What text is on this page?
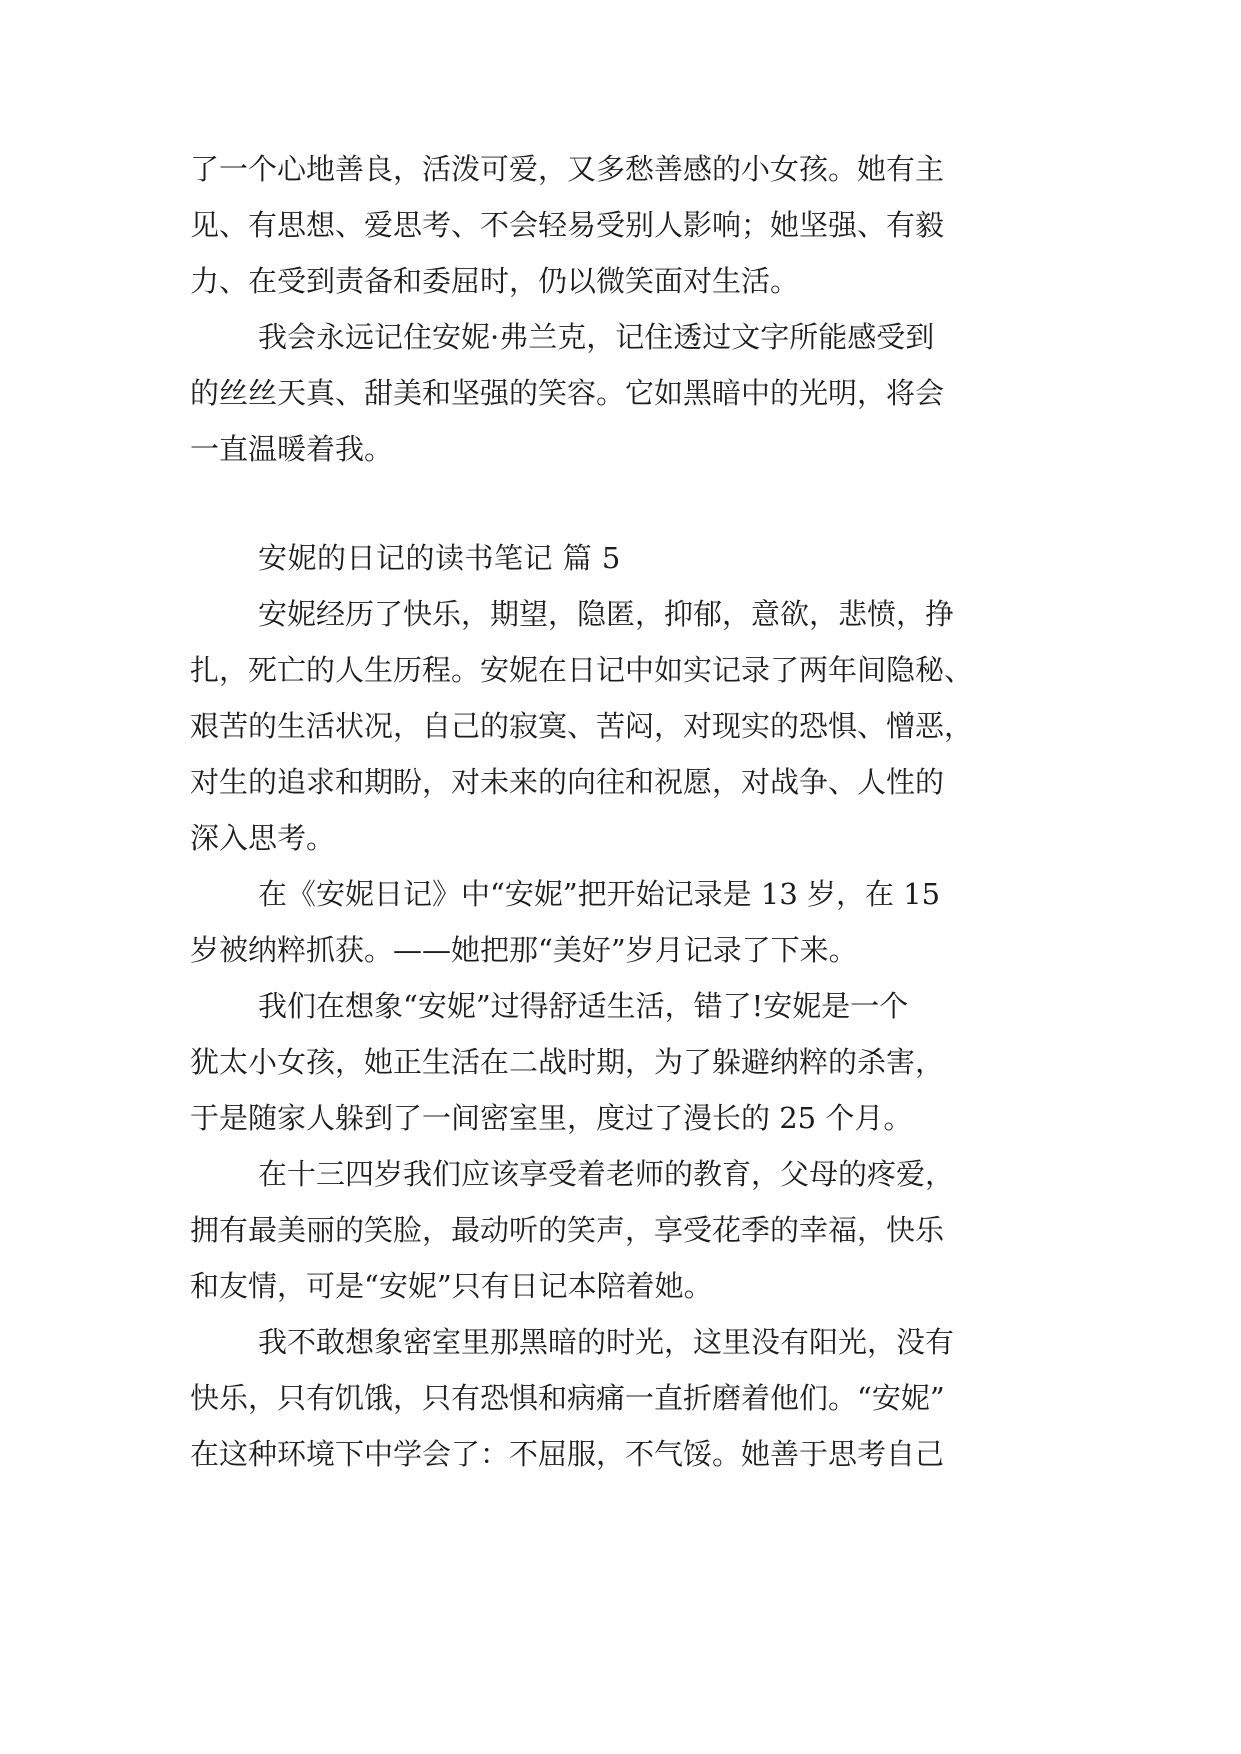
了一个心地善良，活泼可爱，又多愁善感的小女孩。她有主
见、有思想、爱思考、不会轻易受别人影响；她坚强、有毅
力、在受到责备和委屈时，仍以微笑面对生活。
我会永远记住安妮·弗兰克，记住透过文字所能感受到
的丝丝天真、甜美和坚强的笑容。它如黑暗中的光明，将会
一直温暖着我。
安妮的日记的读书笔记 篇 5
安妮经历了快乐，期望，隐匿，抑郁，意欲，悲愤，挣
扎，死亡的人生历程。安妮在日记中如实记录了两年间隐秘、
艰苦的生活状况，自己的寂寞、苦闷，对现实的恐惧、憎恶，
对生的追求和期盼，对未来的向往和祝愿，对战争、人性的
深入思考。
在《安妮日记》中“安妮”把开始记录是 13 岁，在 15
岁被纳粹抓获。——她把那“美好”岁月记录了下来。
我们在想象“安妮”过得舒适生活，错了!安妮是一个
犹太小女孩，她正生活在二战时期，为了躲避纳粹的杀害，
于是随家人躲到了一间密室里，度过了漫长的 25 个月。
在十三四岁我们应该享受着老师的教育，父母的疼爱，
拥有最美丽的笑脸，最动听的笑声，享受花季的幸福，快乐
和友情，可是“安妮”只有日记本陪着她。
我不敢想象密室里那黑暗的时光，这里没有阳光，没有
快乐，只有饥饿，只有恐惧和病痛一直折磨着他们。“安妮”
在这种环境下中学会了：不屈服，不气馁。她善于思考自己
